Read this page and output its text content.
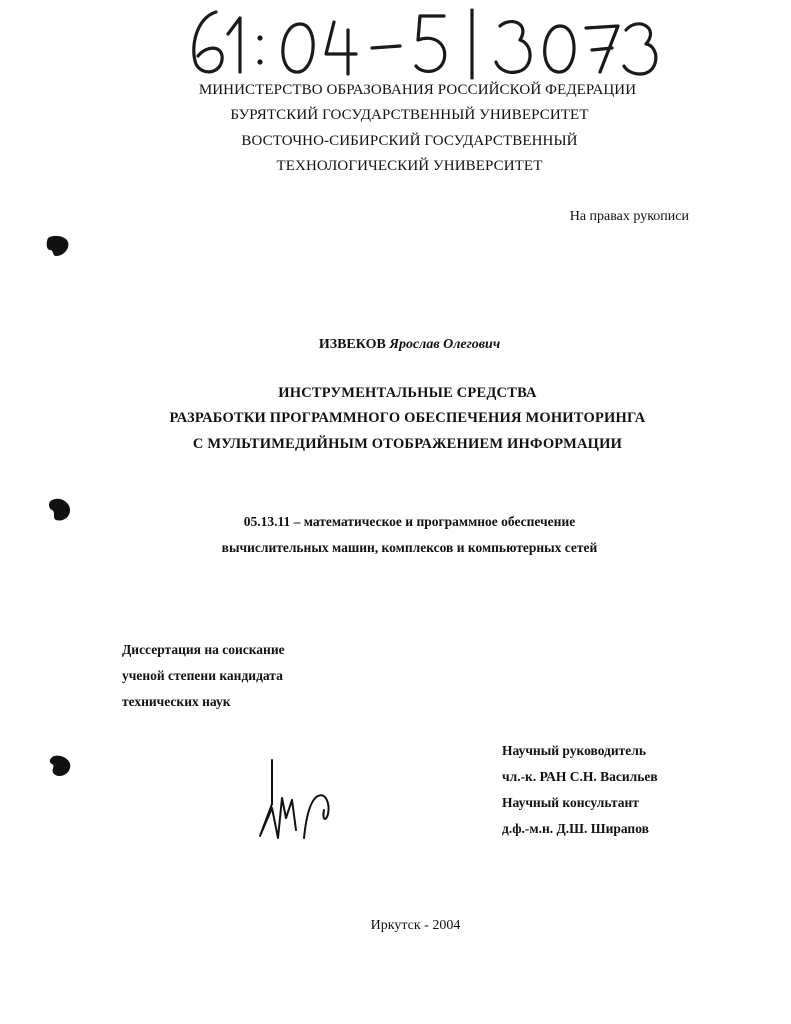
МИНИСТЕРСТВО ОБРАЗОВАНИЯ РОССИЙСКОЙ ФЕДЕРАЦИИ
БУРЯТСКИЙ ГОСУДАРСТВЕННЫЙ УНИВЕРСИТЕТ
ВОСТОЧНО-СИБИРСКИЙ ГОСУДАРСТВЕННЫЙ
ТЕХНОЛОГИЧЕСКИЙ УНИВЕРСИТЕТ
На правах рукописи
ИЗВЕКОВ Ярослав Олегович
ИНСТРУМЕНТАЛЬНЫЕ СРЕДСТВА
РАЗРАБОТКИ ПРОГРАММНОГО ОБЕСПЕЧЕНИЯ МОНИТОРИНГА
С МУЛЬТИМЕДИЙНЫМ ОТОБРАЖЕНИЕМ ИНФОРМАЦИИ
05.13.11 – математическое и программное обеспечение
вычислительных машин, комплексов и компьютерных сетей
Диссертация на соискание
ученой степени кандидата
технических наук
Научный руководитель
чл.-к. РАН С.Н. Васильев
Научный консультант
д.ф.-м.н. Д.Ш. Ширапов
Иркутск - 2004
